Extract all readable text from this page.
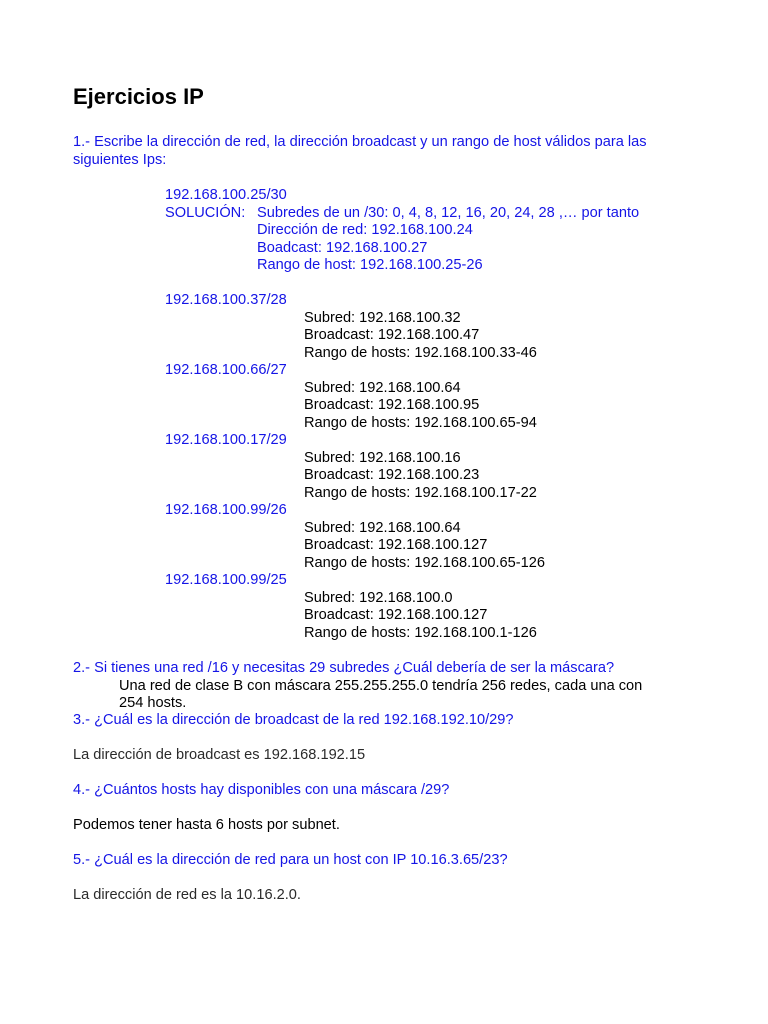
Ejercicios IP

1.- Escribe la dirección de red, la dirección broadcast y un rango de host válidos para las siguientes Ips:

192.168.100.25/30
SOLUCIÓN: Subredes de un /30: 0, 4, 8, 12, 16, 20, 24, 28 ,… por tanto
Dirección de red: 192.168.100.24
Boadcast: 192.168.100.27
Rango de host: 192.168.100.25-26
192.168.100.37/28
Subred: 192.168.100.32
Broadcast: 192.168.100.47
Rango de hosts: 192.168.100.33-46
192.168.100.66/27
Subred: 192.168.100.64
Broadcast: 192.168.100.95
Rango de hosts: 192.168.100.65-94
192.168.100.17/29
Subred: 192.168.100.16
Broadcast: 192.168.100.23
Rango de hosts: 192.168.100.17-22
192.168.100.99/26
Subred: 192.168.100.64
Broadcast: 192.168.100.127
Rango de hosts: 192.168.100.65-126
192.168.100.99/25
Subred: 192.168.100.0
Broadcast: 192.168.100.127
Rango de hosts: 192.168.100.1-126
2.- Si tienes una red /16 y necesitas 29 subredes ¿Cuál debería de ser la máscara?
Una red de clase B con máscara 255.255.255.0 tendría 256 redes, cada una con
254 hosts.
3.- ¿Cuál es la dirección de broadcast de la red 192.168.192.10/29?
La dirección de broadcast es 192.168.192.15
4.- ¿Cuántos hosts hay disponibles con una máscara /29?
Podemos tener hasta 6 hosts por subnet.
5.- ¿Cuál es la dirección de red para un host con IP 10.16.3.65/23?
La dirección de red es la 10.16.2.0.
